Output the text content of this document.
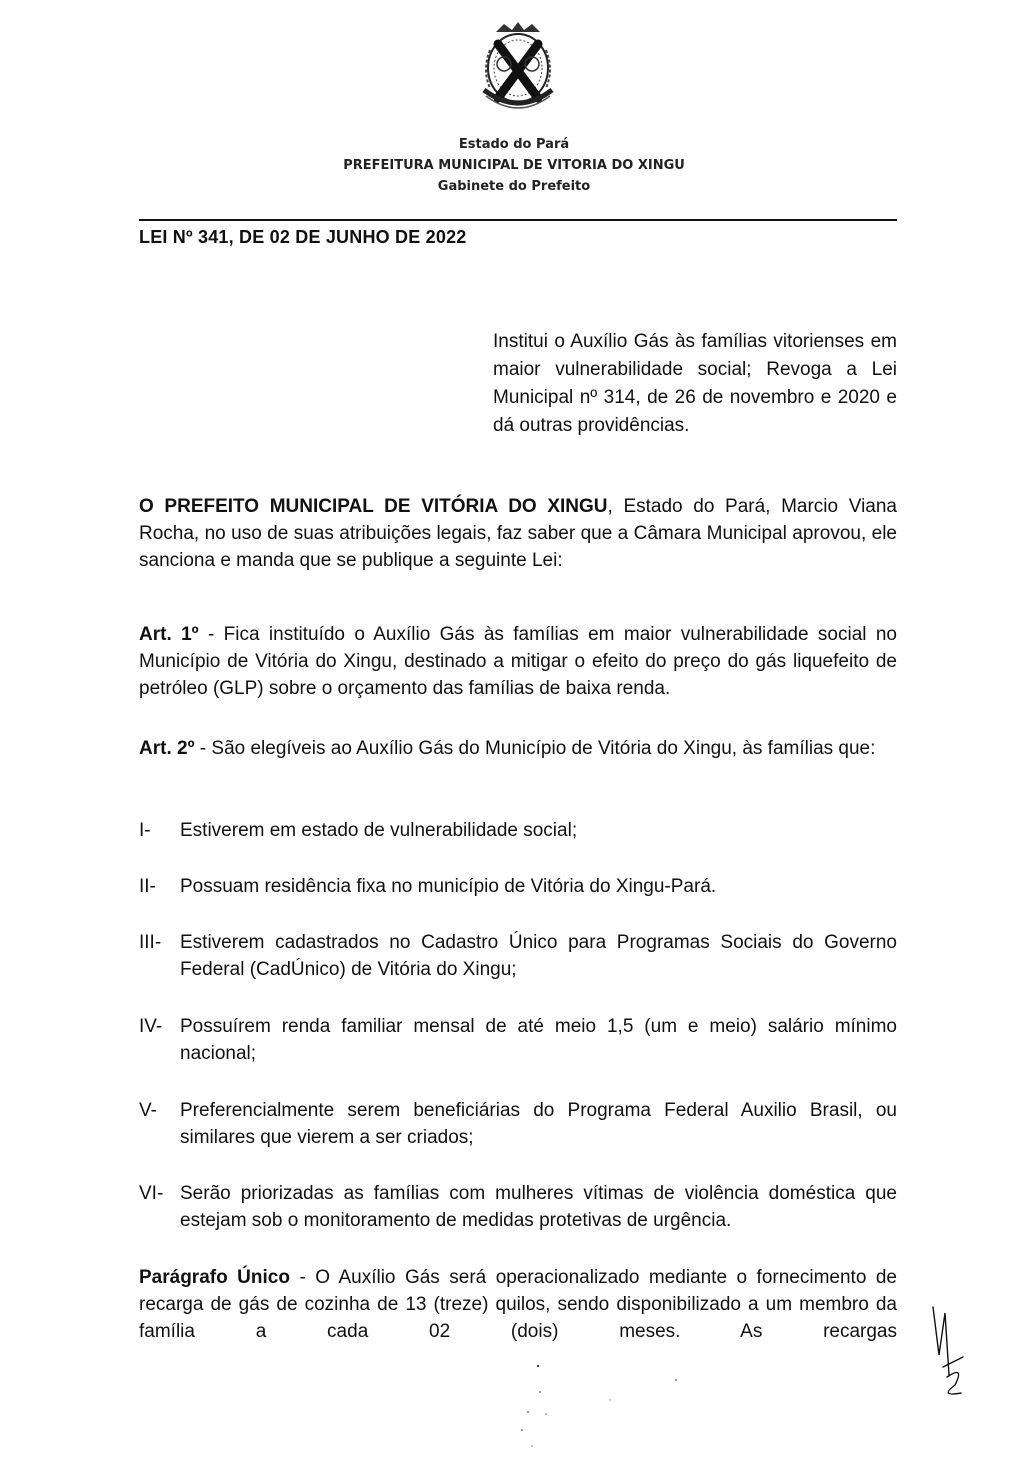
Estado do Pará
PREFEITURA MUNICIPAL DE VITORIA DO XINGU
Gabinete do Prefeito
LEI Nº 341, DE 02 DE JUNHO DE 2022
Institui o Auxílio Gás às famílias vitorienses em maior vulnerabilidade social; Revoga a Lei Municipal nº 314, de 26 de novembro e 2020 e dá outras providências.
O PREFEITO MUNICIPAL DE VITÓRIA DO XINGU, Estado do Pará, Marcio Viana Rocha, no uso de suas atribuições legais, faz saber que a Câmara Municipal aprovou, ele sanciona e manda que se publique a seguinte Lei:
Art. 1º - Fica instituído o Auxílio Gás às famílias em maior vulnerabilidade social no Município de Vitória do Xingu, destinado a mitigar o efeito do preço do gás liquefeito de petróleo (GLP) sobre o orçamento das famílias de baixa renda.
Art. 2º - São elegíveis ao Auxílio Gás do Município de Vitória do Xingu, às famílias que:
I- Estiverem em estado de vulnerabilidade social;
II- Possuam residência fixa no município de Vitória do Xingu-Pará.
III- Estiverem cadastrados no Cadastro Único para Programas Sociais do Governo Federal (CadÚnico) de Vitória do Xingu;
IV- Possuírem renda familiar mensal de até meio 1,5 (um e meio) salário mínimo nacional;
V- Preferencialmente serem beneficiárias do Programa Federal Auxilio Brasil, ou similares que vierem a ser criados;
VI- Serão priorizadas as famílias com mulheres vítimas de violência doméstica que estejam sob o monitoramento de medidas protetivas de urgência.
Parágrafo Único - O Auxílio Gás será operacionalizado mediante o fornecimento de recarga de gás de cozinha de 13 (treze) quilos, sendo disponibilizado a um membro da família a cada 02 (dois) meses. As recargas
